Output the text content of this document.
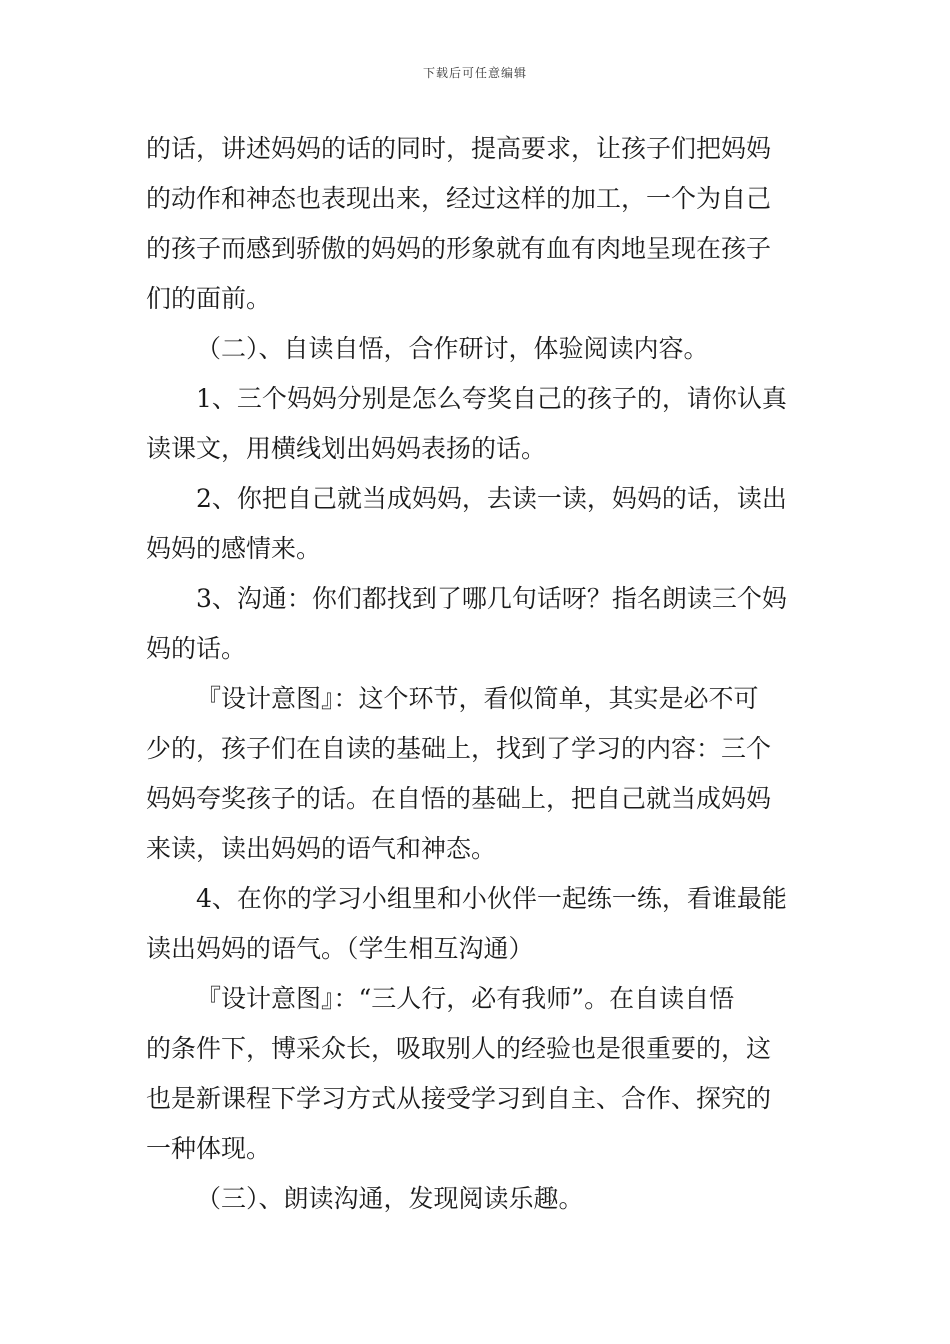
下载后可任意编辑
的话，讲述妈妈的话的同时，提高要求，让孩子们把妈妈
的动作和神态也表现出来，经过这样的加工，一个为自己
的孩子而感到骄傲的妈妈的形象就有血有肉地呈现在孩子
们的面前。
（二）、自读自悟，合作研讨，体验阅读内容。
1、三个妈妈分别是怎么夸奖自己的孩子的，请你认真
读课文，用横线划出妈妈表扬的话。
2、你把自己就当成妈妈，去读一读，妈妈的话，读出
妈妈的感情来。
3、沟通：你们都找到了哪几句话呀？指名朗读三个妈
妈的话。
『设计意图』：这个环节，看似简单，其实是必不可
少的，孩子们在自读的基础上，找到了学习的内容：三个
妈妈夸奖孩子的话。在自悟的基础上，把自己就当成妈妈
来读，读出妈妈的语气和神态。
4、在你的学习小组里和小伙伴一起练一练，看谁最能
读出妈妈的语气。（学生相互沟通）
『设计意图』：“三人行，必有我师”。在自读自悟
的条件下，博采众长，吸取别人的经验也是很重要的，这
也是新课程下学习方式从接受学习到自主、合作、探究的
一种体现。
（三）、朗读沟通，发现阅读乐趣。
